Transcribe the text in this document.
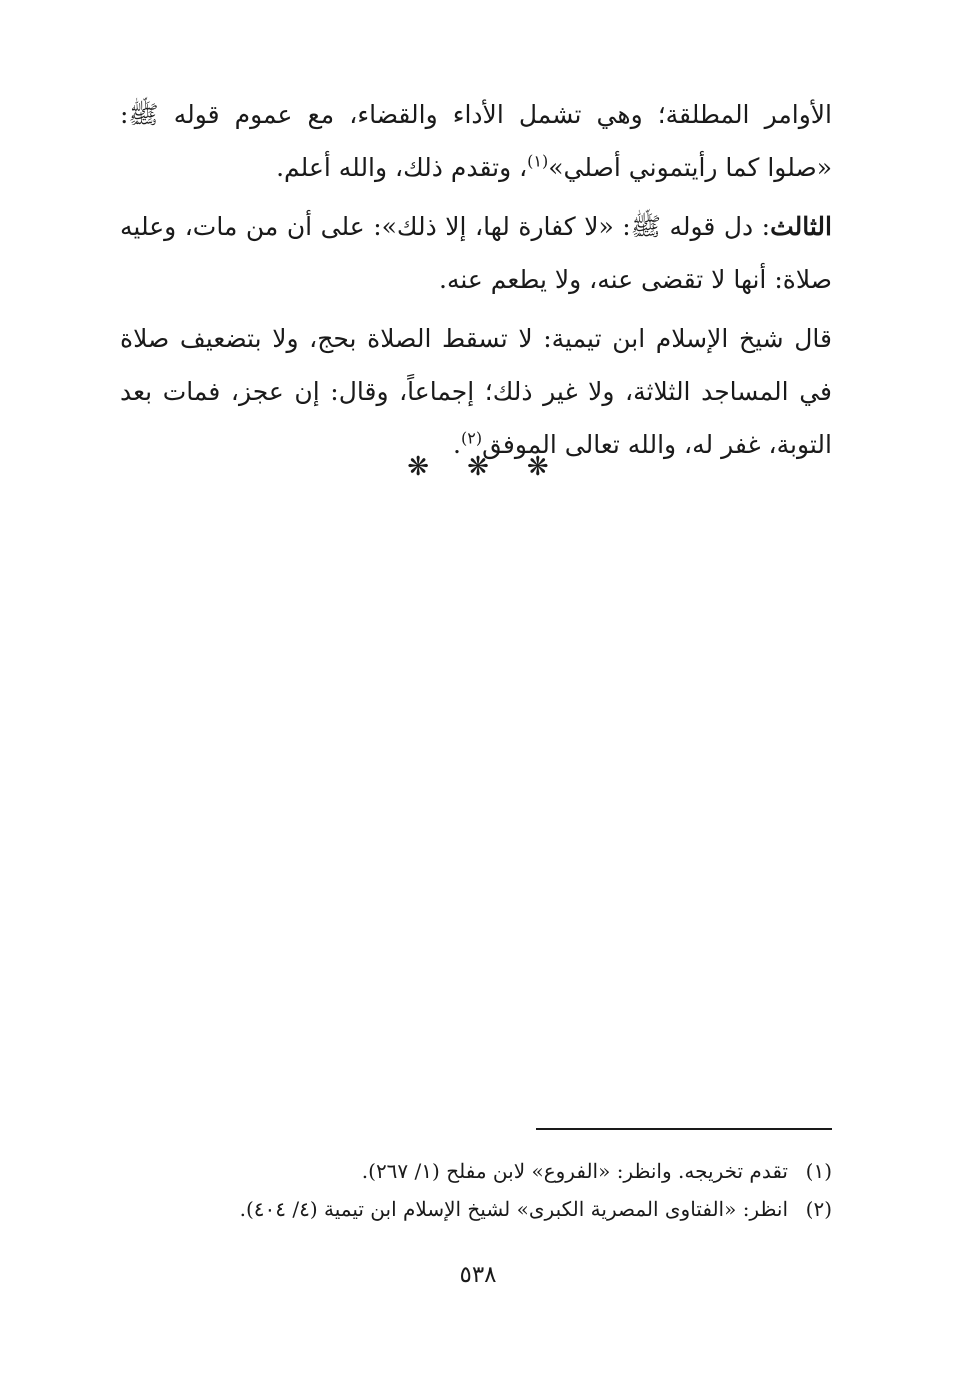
الأوامر المطلقة؛ وهي تشمل الأداء والقضاء، مع عموم قوله ﷺ: «صلوا كما رأيتموني أصلي»$^{(١)}$، وتقدم ذلك، والله أعلم.

الثالث: دل قوله ﷺ: «لا كفارة لها، إلا ذلك»: على أن من مات، وعليه صلاة: أنها لا تقضى عنه، ولا يطعم عنه.

قال شيخ الإسلام ابن تيمية: لا تسقط الصلاة بحج، ولا بتضعيف صلاة في المساجد الثلاثة، ولا غير ذلك؛ إجماعاً، وقال: إن عجز، فمات بعد التوبة، غفر له، والله تعالى الموفق$^{(٢)}$.

❋ ❋ ❋
(١)
تقدم تخريجه. وانظر: «الفروع» لابن مفلح (١/ ٢٦٧).
(٢)
انظر: «الفتاوى المصرية الكبرى» لشيخ الإسلام ابن تيمية (٤/ ٤٠٤).
٥٣٨
